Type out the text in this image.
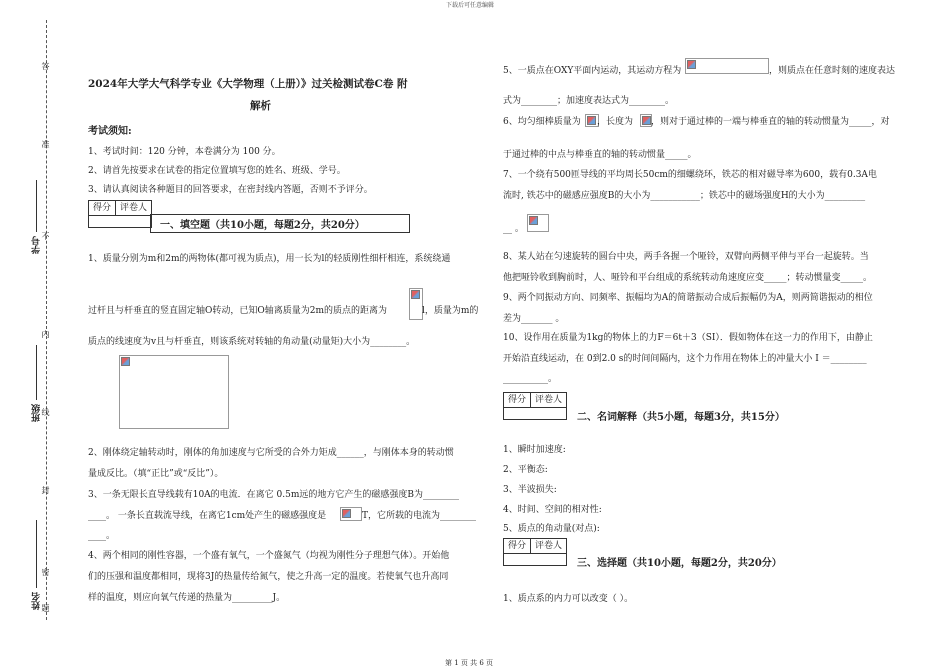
下载后可任意编辑
第 1 页 共 6 页
答
准
不
内
线
封
密
题
学号
班级
姓名
2024年大学大气科学专业《大学物理（上册）》过关检测试卷C卷 附
解析
考试须知:
1、考试时间：120 分钟，本卷满分为 100 分。
2、请首先按要求在试卷的指定位置填写您的姓名、班级、学号。
3、请认真阅读各种题目的回答要求，在密封线内答题，否则不予评分。
得分	评卷人
一、填空题（共10小题，每题2分，共20分）
1、质量分别为m和2m的两物体(都可视为质点)，用一长为l的轻质刚性细杆相连，系统绕通
过杆且与杆垂直的竖直固定轴O转动，已知O轴离质量为2m的质点的距离为	l，质量为m的
质点的线速度为v且与杆垂直，则该系统对转轴的角动量(动量矩)大小为________。
2、刚体绕定轴转动时，刚体的角加速度与它所受的合外力矩成______，与刚体本身的转动惯
量成反比。（填“正比”或“反比”）。
3、一条无限长直导线载有10A的电流．在离它 0.5m远的地方它产生的磁感强度B为________
____。 一条长直载流导线，在离它1cm处产生的磁感强度是	T，它所载的电流为________
____。
4、两个相同的刚性容器，一个盛有氧气，一个盛氮气（均视为刚性分子理想气体）。开始他
们的压强和温度都相同，现将3J的热量传给氮气，使之升高一定的温度。若使氧气也升高同
样的温度，则应向氧气传递的热量为_________J。
5、一质点在OXY平面内运动，其运动方程为	，则质点在任意时刻的速度表达
式为________；加速度表达式为________。
6、均匀细棒质量为 ，长度为 ，则对于通过棒的一端与棒垂直的轴的转动惯量为_____，对
于通过棒的中点与棒垂直的轴的转动惯量_____。
7、一个绕有500匝导线的平均周长50cm的细螺绕环，铁芯的相对磁导率为600，载有0.3A电
流时, 铁芯中的磁感应强度B的大小为___________；铁芯中的磁场强度H的大小为_________
__ 。
8、某人站在匀速旋转的圆台中央，两手各握一个哑铃，双臂向两侧平伸与平台一起旋转。当
他把哑铃收到胸前时，人、哑铃和平台组成的系统转动角速度应变_____；转动惯量变_____。
9、两个同振动方向、同频率、振幅均为A的简谐振动合成后振幅仍为A，则两简谐振动的相位
差为_______ 。
10、设作用在质量为1kg的物体上的力F＝6t＋3（SI）．假如物体在这一力的作用下，由静止
开始沿直线运动，在 0到2.0 s的时间间隔内，这个力作用在物体上的冲量大小 I ＝________
__________。
得分	评卷人
二、名词解释（共5小题，每题3分，共15分）
1、瞬时加速度:
2、平衡态:
3、半波损失:
4、时间、空间的相对性:
5、质点的角动量(对点):
得分	评卷人
三、选择题（共10小题，每题2分，共20分）
1、质点系的内力可以改变（ ）。
